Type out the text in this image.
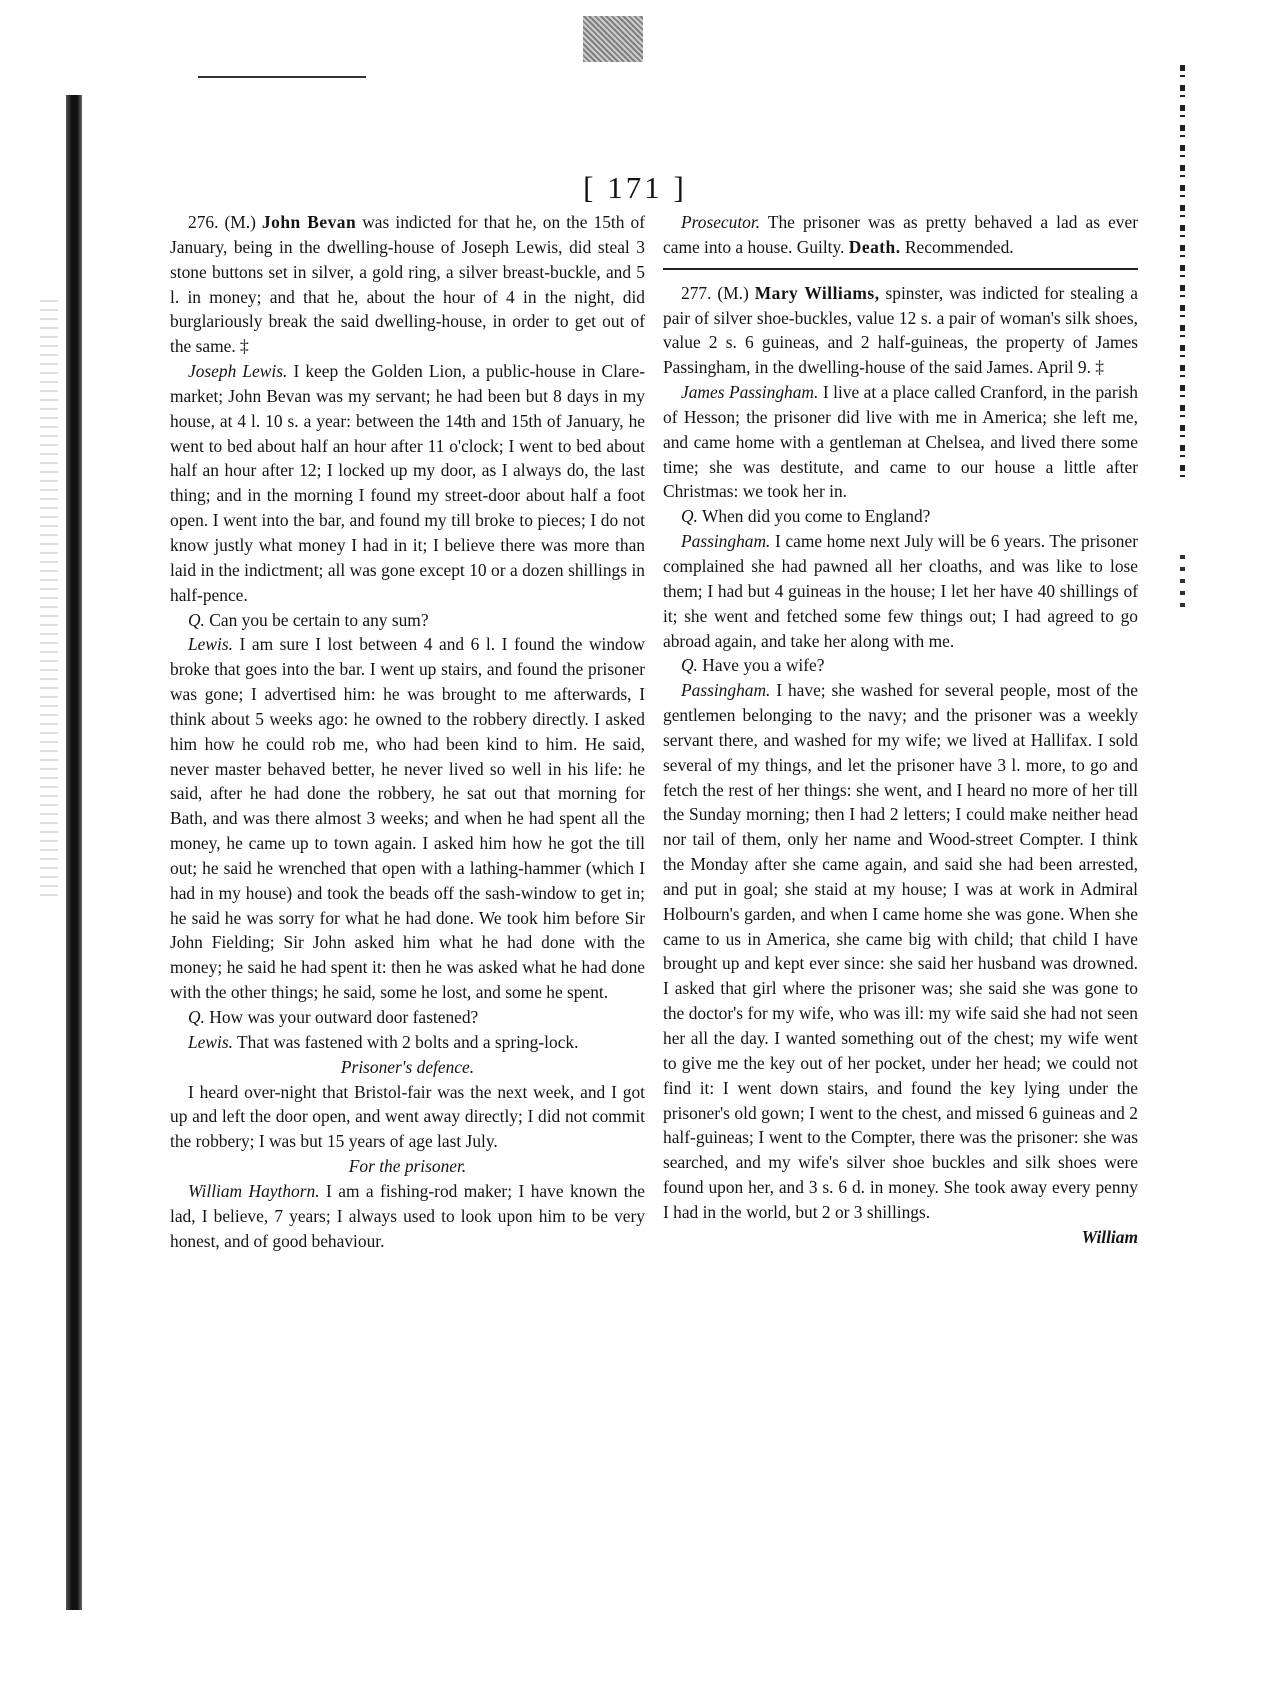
[ 171 ]

276. (M.) John Bevan was indicted for that he, on the 15th of January, being in the dwelling-house of Joseph Lewis, did steal 3 stone buttons set in silver, a gold ring, a silver breast-buckle, and 5 l. in money; and that he, about the hour of 4 in the night, did burglariously break the said dwelling-house, in order to get out of the same. ‡

Joseph Lewis. I keep the Golden Lion, a public-house in Clare-market; John Bevan was my servant; he had been but 8 days in my house, at 4 l. 10 s. a year: between the 14th and 15th of January, he went to bed about half an hour after 11 o'clock; I went to bed about half an hour after 12; I locked up my door, as I always do, the last thing; and in the morning I found my street-door about half a foot open. I went into the bar, and found my till broke to pieces; I do not know justly what money I had in it; I believe there was more than laid in the indictment; all was gone except 10 or a dozen shillings in half-pence.

Q. Can you be certain to any sum?

Lewis. I am sure I lost between 4 and 6 l. I found the window broke that goes into the bar. I went up stairs, and found the prisoner was gone; I advertised him: he was brought to me afterwards, I think about 5 weeks ago: he owned to the robbery directly. I asked him how he could rob me, who had been kind to him. He said, never master behaved better, he never lived so well in his life: he said, after he had done the robbery, he sat out that morning for Bath, and was there almost 3 weeks; and when he had spent all the money, he came up to town again. I asked him how he got the till out; he said he wrenched that open with a lathing-hammer (which I had in my house) and took the beads off the sash-window to get in; he said he was sorry for what he had done. We took him before Sir John Fielding; Sir John asked him what he had done with the money; he said he had spent it: then he was asked what he had done with the other things; he said, some he lost, and some he spent.

Q. How was your outward door fastened?

Lewis. That was fastened with 2 bolts and a spring-lock.

Prisoner's defence.

I heard over-night that Bristol-fair was the next week, and I got up and left the door open, and went away directly; I did not commit the robbery; I was but 15 years of age last July.

For the prisoner.

William Haythorn. I am a fishing-rod maker; I have known the lad, I believe, 7 years; I always used to look upon him to be very honest, and of good behaviour.

Prosecutor. The prisoner was as pretty behaved a lad as ever came into a house. Guilty. Death. Recommended.

277. (M.) Mary Williams, spinster, was indicted for stealing a pair of silver shoe-buckles, value 12 s. a pair of woman's silk shoes, value 2 s. 6 guineas, and 2 half-guineas, the property of James Passingham, in the dwelling-house of the said James. April 9. ‡

James Passingham. I live at a place called Cranford, in the parish of Hesson; the prisoner did live with me in America; she left me, and came home with a gentleman at Chelsea, and lived there some time; she was destitute, and came to our house a little after Christmas: we took her in.

Q. When did you come to England?

Passingham. I came home next July will be 6 years. The prisoner complained she had pawned all her cloaths, and was like to lose them; I had but 4 guineas in the house; I let her have 40 shillings of it; she went and fetched some few things out; I had agreed to go abroad again, and take her along with me.

Q. Have you a wife?

Passingham. I have; she washed for several people, most of the gentlemen belonging to the navy; and the prisoner was a weekly servant there, and washed for my wife; we lived at Hallifax. I sold several of my things, and let the prisoner have 3 l. more, to go and fetch the rest of her things: she went, and I heard no more of her till the Sunday morning; then I had 2 letters; I could make neither head nor tail of them, only her name and Wood-street Compter. I think the Monday after she came again, and said she had been arrested, and put in goal; she staid at my house; I was at work in Admiral Holbourn's garden, and when I came home she was gone. When she came to us in America, she came big with child; that child I have brought up and kept ever since: she said her husband was drowned. I asked that girl where the prisoner was; she said she was gone to the doctor's for my wife, who was ill: my wife said she had not seen her all the day. I wanted something out of the chest; my wife went to give me the key out of her pocket, under her head; we could not find it: I went down stairs, and found the key lying under the prisoner's old gown; I went to the chest, and missed 6 guineas and 2 half-guineas; I went to the Compter, there was the prisoner: she was searched, and my wife's silver shoe buckles and silk shoes were found upon her, and 3 s. 6 d. in money. She took away every penny I had in the world, but 2 or 3 shillings.

William
